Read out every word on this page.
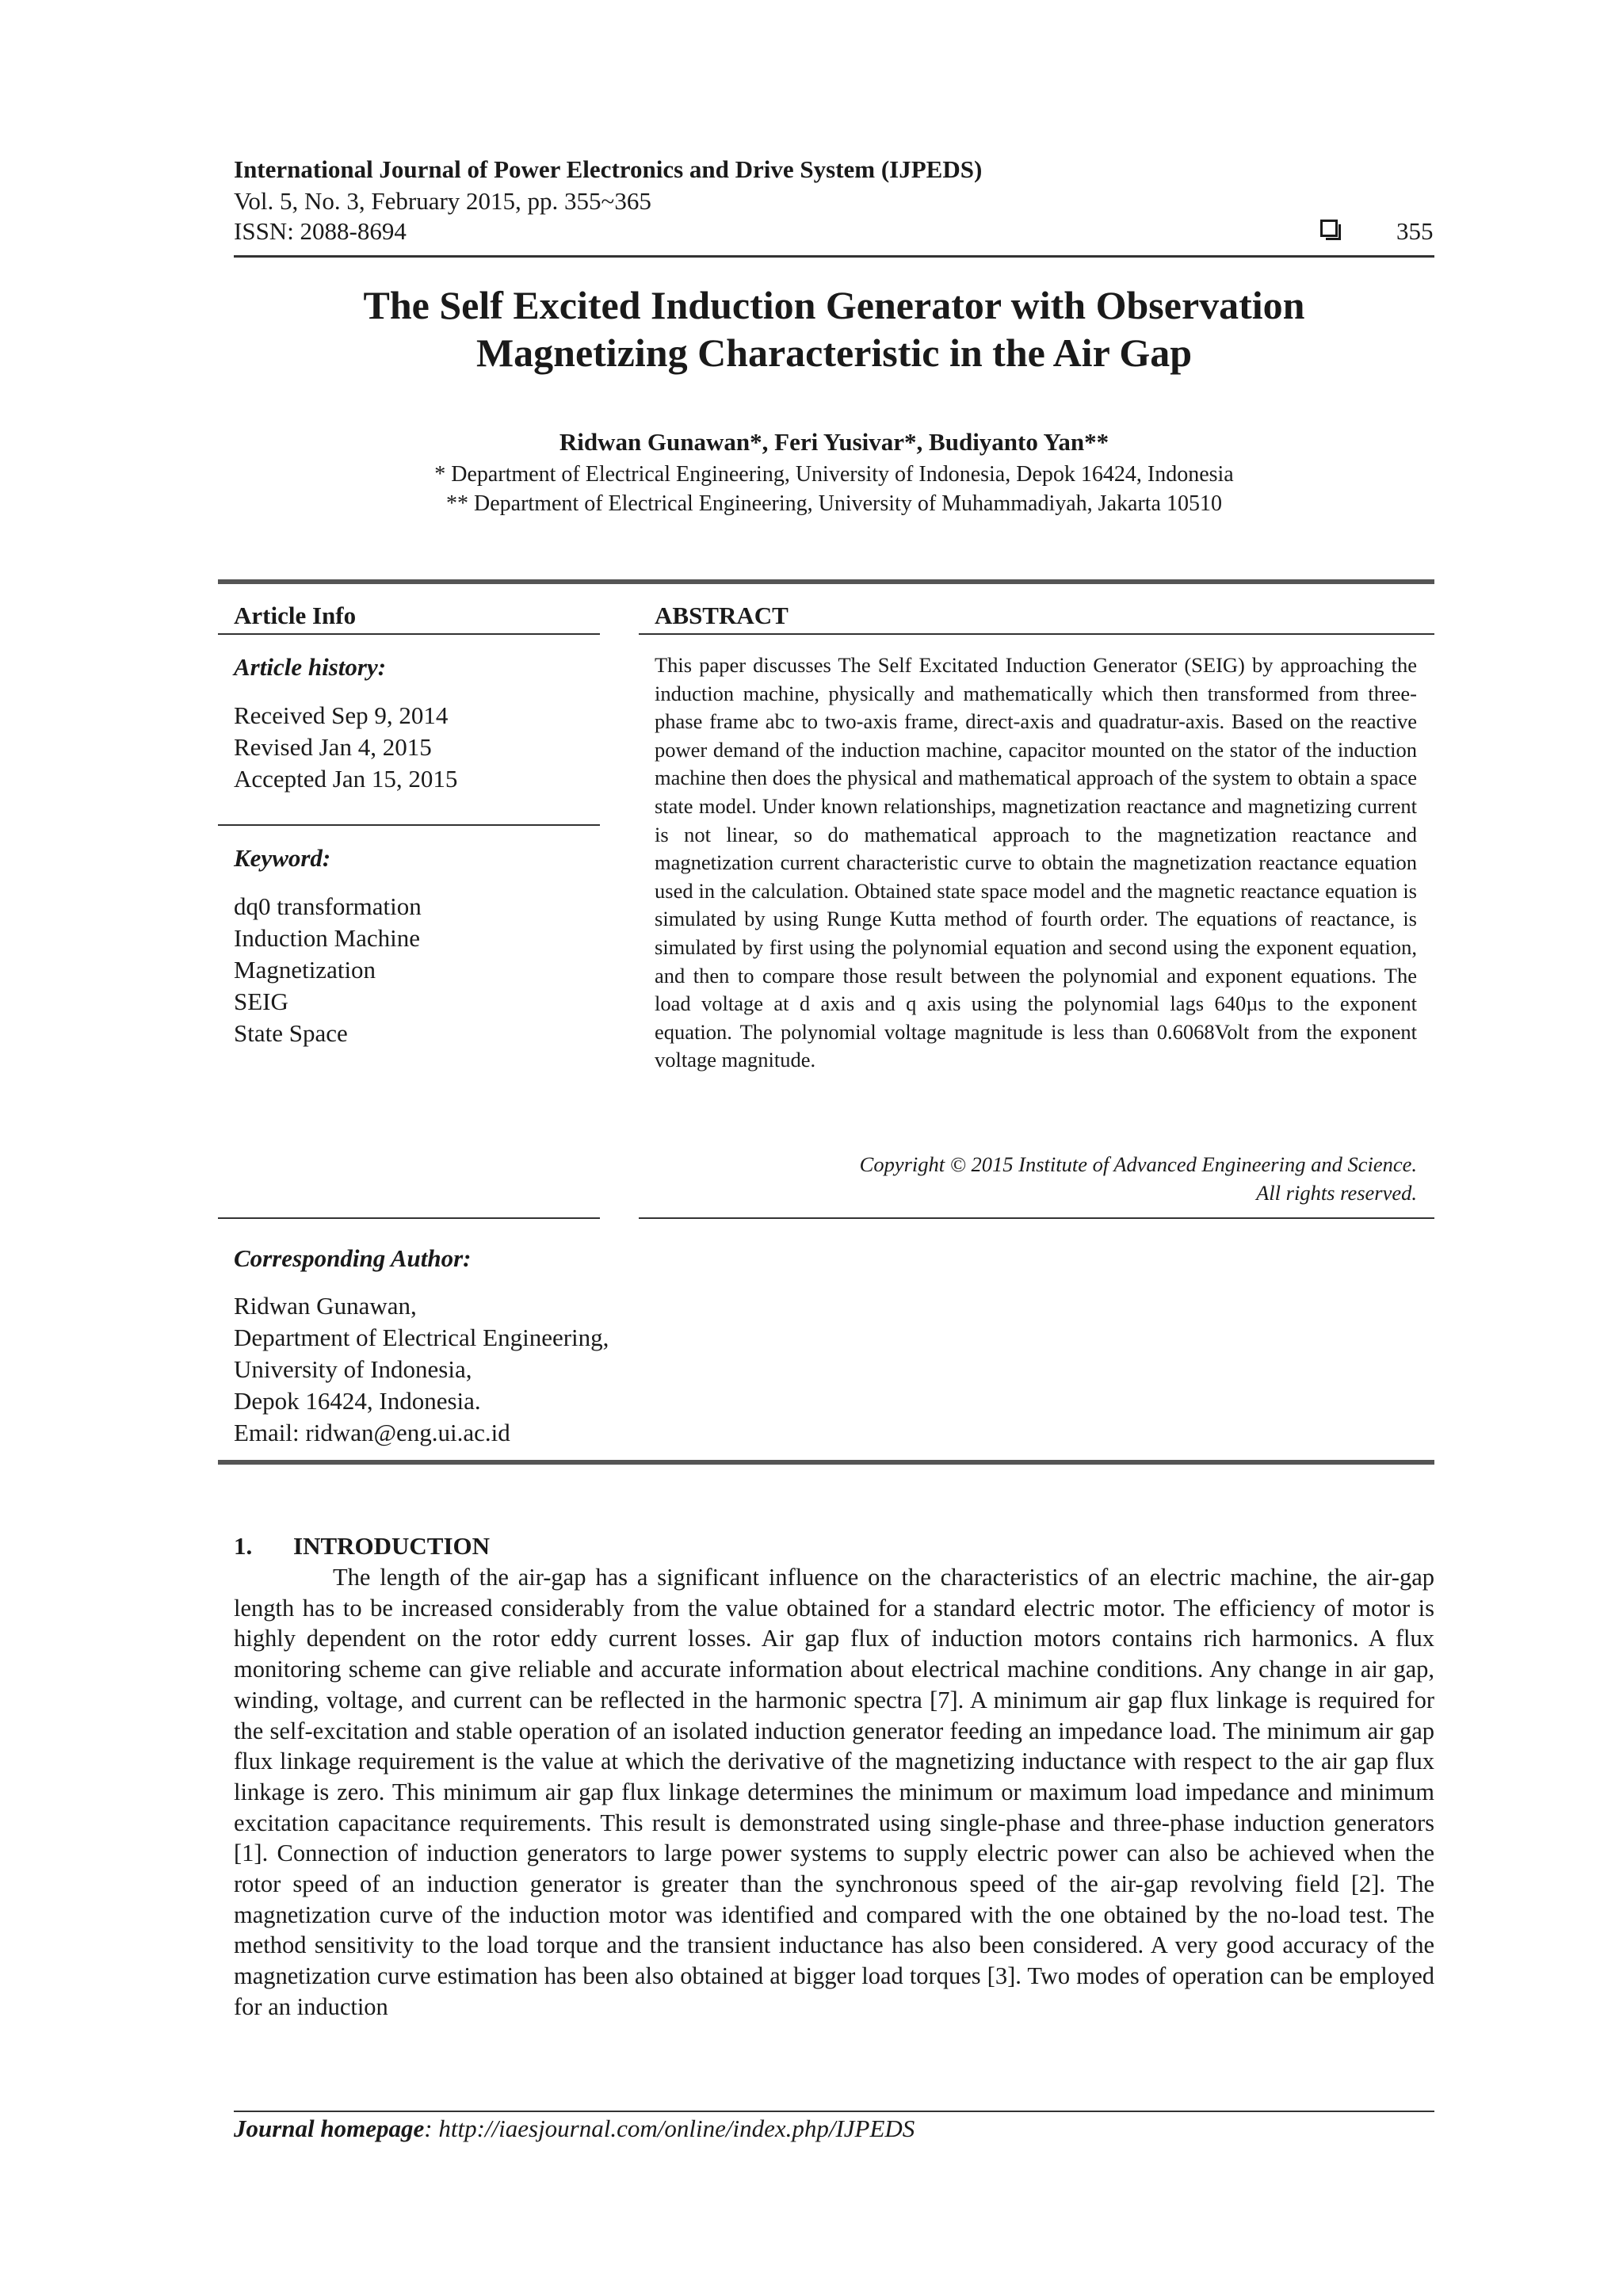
International Journal of Power Electronics and Drive System (IJPEDS)
Vol. 5, No. 3, February 2015, pp. 355~365
ISSN: 2088-8694	355
The Self Excited Induction Generator with Observation
Magnetizing Characteristic in the Air Gap
Ridwan Gunawan*, Feri Yusivar*, Budiyanto Yan**
* Department of Electrical Engineering, University of Indonesia, Depok 16424, Indonesia
** Department of Electrical Engineering, University of Muhammadiyah, Jakarta 10510
Article Info	ABSTRACT
Article history:
Received Sep 9, 2014
Revised Jan 4, 2015
Accepted Jan 15, 2015
Keyword:
dq0 transformation
Induction Machine
Magnetization
SEIG
State Space
This paper discusses The Self Excitated Induction Generator (SEIG) by approaching the induction machine, physically and mathematically which then transformed from three-phase frame abc to two-axis frame, direct-axis and quadratur-axis. Based on the reactive power demand of the induction machine, capacitor mounted on the stator of the induction machine then does the physical and mathematical approach of the system to obtain a space state model. Under known relationships, magnetization reactance and magnetizing current is not linear, so do mathematical approach to the magnetization reactance and magnetization current characteristic curve to obtain the magnetization reactance equation used in the calculation. Obtained state space model and the magnetic reactance equation is simulated by using Runge Kutta method of fourth order. The equations of reactance, is simulated by first using the polynomial equation and second using the exponent equation, and then to compare those result between the polynomial and exponent equations. The load voltage at d axis and q axis using the polynomial lags 640µs to the exponent equation. The polynomial voltage magnitude is less than 0.6068Volt from the exponent voltage magnitude.
Copyright © 2015 Institute of Advanced Engineering and Science.
All rights reserved.
Corresponding Author:
Ridwan Gunawan,
Department of Electrical Engineering,
University of Indonesia,
Depok 16424, Indonesia.
Email: ridwan@eng.ui.ac.id
1. INTRODUCTION

The length of the air-gap has a significant influence on the characteristics of an electric machine, the air-gap length has to be increased considerably from the value obtained for a standard electric motor. The efficiency of motor is highly dependent on the rotor eddy current losses. Air gap flux of induction motors contains rich harmonics. A flux monitoring scheme can give reliable and accurate information about electrical machine conditions. Any change in air gap, winding, voltage, and current can be reflected in the harmonic spectra [7]. A minimum air gap flux linkage is required for the self-excitation and stable operation of an isolated induction generator feeding an impedance load. The minimum air gap flux linkage requirement is the value at which the derivative of the magnetizing inductance with respect to the air gap flux linkage is zero. This minimum air gap flux linkage determines the minimum or maximum load impedance and minimum excitation capacitance requirements. This result is demonstrated using single-phase and three-phase induction generators [1]. Connection of induction generators to large power systems to supply electric power can also be achieved when the rotor speed of an induction generator is greater than the synchronous speed of the air-gap revolving field [2]. The magnetization curve of the induction motor was identified and compared with the one obtained by the no-load test. The method sensitivity to the load torque and the transient inductance has also been considered. A very good accuracy of the magnetization curve estimation has been also obtained at bigger load torques [3]. Two modes of operation can be employed for an induction

Journal homepage: http://iaesjournal.com/online/index.php/IJPEDS
